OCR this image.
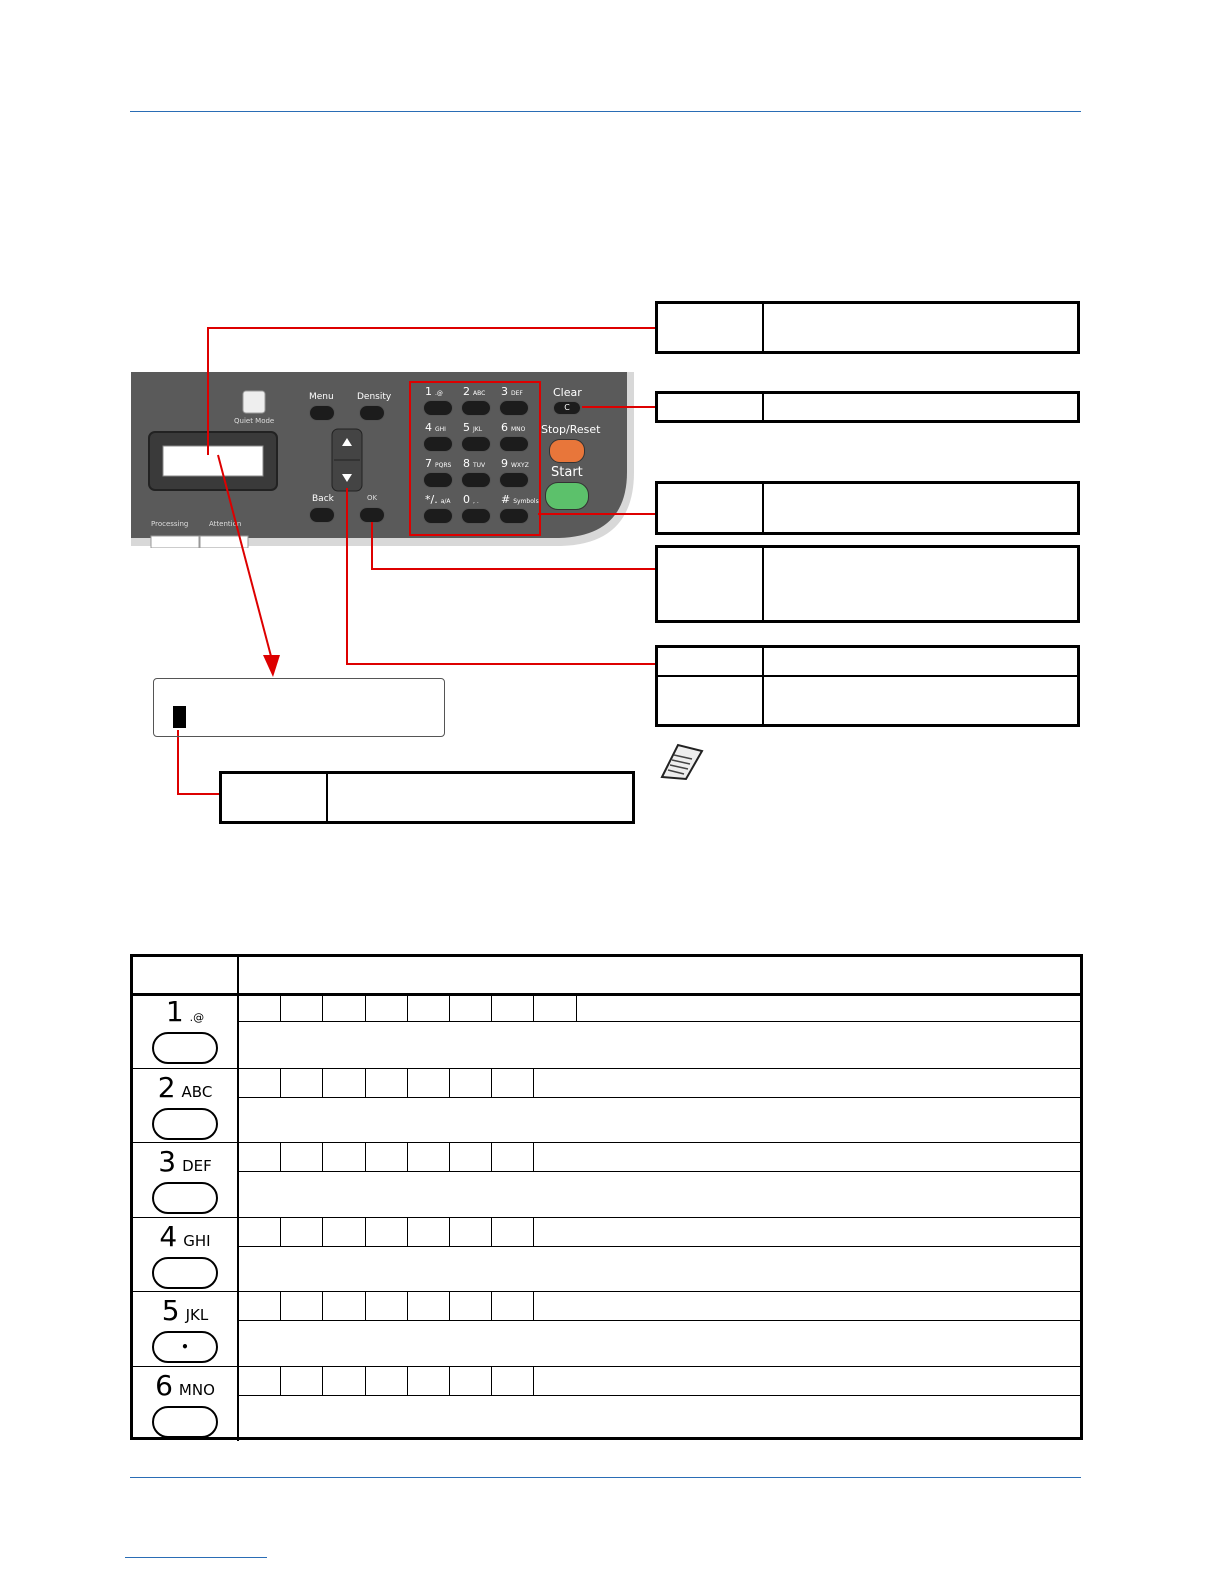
Quiet Mode
Menu	Density
Back	OK
Processing	Attention
1 .@ 2 ABC 3 DEF
4 GHI 5 JKL 6 MNO
7 PQRS 8 TUV 9 WXYZ
*/. a/A 0 , . # Symbols
Clear
C
Stop/Reset
Start
1 .@
2 ABC
3 DEF
4 GHI
5 JKL
•
6 MNO
